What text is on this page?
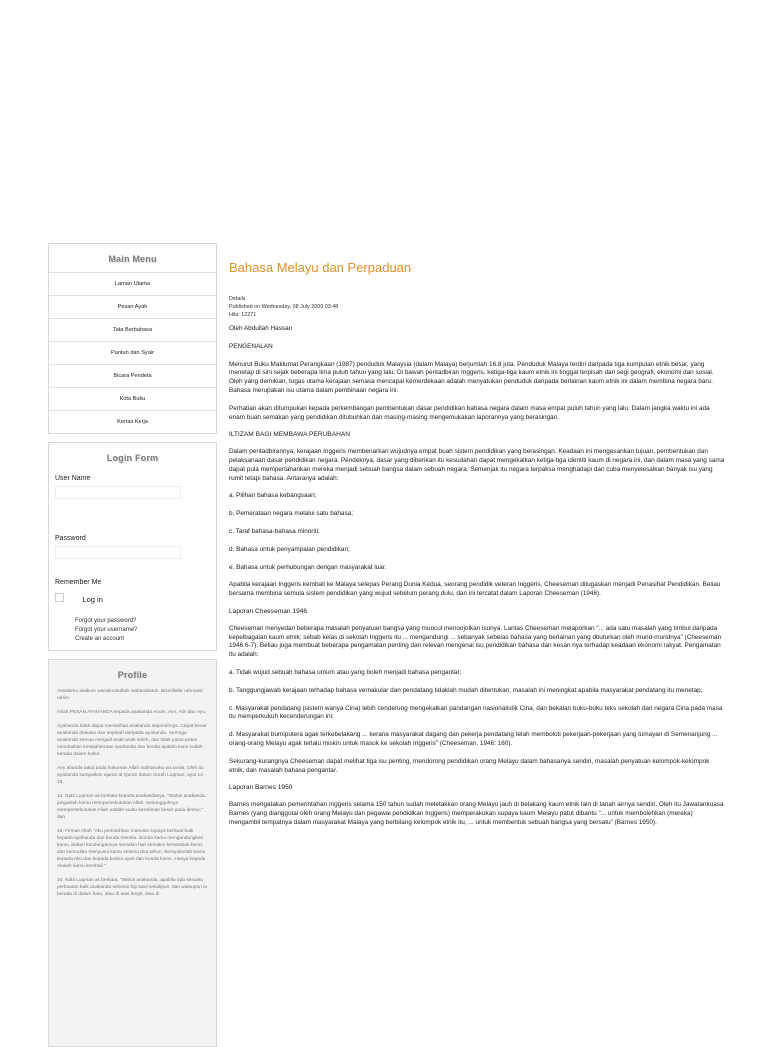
Main Menu
Laman Utama
Pesan Ayah
Tata Berbahasa
Pantun dan Syair
Bicara Pendeta
Kota Buku
Kertas Kerja
Login Form
User Name
Password
Remember Me
Log in
Forgot your password?
Forgot your username?
Create an account
Profile

Assalamu alaikum warahmatullahi wabarakatuh. Bismillahir rahmanir rahim.

Inilah PESAN AYAHANDA kepada anakanda Anom, Aini, Alin dan Ayu.

Ayahanda tidak dapat menasihati anakanda sepenuhnya. Cepat benar anakanda dewasa dan terpisah daripada ayahanda. Semoga anakanda semua menjadi anak-anak soleh, dan tidak putus-putus mendoakan kesejahteraan ayahanda dan bonda apabila kami sudah berada dalam kubur.

Aey ahanda takut pada hukuman Allah subhanahu wa ta'ala. Oleh itu ayahanda sampaikan ajaran al-Quran dalam Surah Luqman, ayat 14 - 19.

14. Nabi Luqman as berkata kepada anakandanya, "Wahai anakanda, janganlah kamu mempersekutukan Allah. Sesungguhnya mempersekutukan Allah adalah suatu kezaliman besar pada dirimu," dan

15. Firman Allah "Aku perintahkan manusia supaya berbuat baik kepada ayahanda dan bonda mereka. Bonda kamu mengandungkan kamu, beban kandungannya semakin hari semakin bertambah berat, dan kemudian menyusui kamu selama dua tahun. Bersyukurlah kamu kepada Aku dan kepada kedua ayah dan bonda kamu. Hanya kepada Akulah kamu kembali."

16. Nabi Luqman as berkata, "Wahai anakanda, apabila ada sesuatu perbuatan baik anakanda sebesar biji sawi sekalipun, dan walaupun ia berada di dalam batu, atau di atas langit, atau di

Bahasa Melayu dan Perpaduan
Details
Published on Wednesday, 08 July 2009 03:48
Hits: 12271

Oleh Abdullah Hassan

PENGENALAN

Menurut Buku Maklumat Perangkaan (1987) penduduk Malaysia (dalam Malaya) berjumlah 16.8 juta. Penduduk Malaya terdiri daripada tiga kumpulan etnik besar, yang menetap di sini sejak beberapa lima puluh tahun yang lalu. Di bawah pentadbiran Inggeris, ketiga-tiga kaum etnik ini tinggal terpisah dari segi geografi, ekonomi dan sosial. Oleh yang demikian, tugas utama kerajaan semasa mencapai kemerdekaan adalah menyatukan penduduk daripada berlainan kaum etnik ini dalam membina negara baru. Bahasa merupakan isu utama dalam pembinaan negara ini.

Perhatian akan ditumpukan kepada perkembangan pembentukan dasar pendidikan bahasa negara dalam masa empat puluh tahun yang lalu. Dalam jangka waktu ini ada enam buah semakan yang pendidikan ditubuhkan dan masing-masing mengemukakan laporannya yang berasingan.

ILTIZAM BAGI MEMBAWA PERUBAHAN

Dalam pentadbirannya, kerajaan Inggeris membenarkan wujudnya empat buah sistem pendidikan yang berasingan. Keadaan ini mengesankan tujuan, pembentukan dan pelaksanaan dasar pendidikan negara. Pendeknya, dasar yang diberikan itu kesudahan dapat mengekalkan ketiga-tiga identiti kaum di negara ini, dan dalam masa yang sama dapat pula mempertahankan mereka menjadi sebuah bangsa dalam sebuah negara. Semenjak itu negara terpaksa menghadapi dan cuba menyelesaikan banyak isu yang rumit tetapi bahasa. Antaranya adalah:

a. Pilihan bahasa kebangsaan;

b. Pemerataan negara melalui satu bahasa;

c. Taraf bahasa-bahasa minoriti;

d. Bahasa untuk penyampaian pendidikan;

e. Bahasa untuk perhubungan dengan masyarakat luar.

Apabila kerajaan Inggeris kembali ke Malaya selepas Perang Dunia Kedua, seorang pendidik veteran Inggeris, Cheeseman ditugaskan menjadi Penasihat Pendidikan. Beliau bersama membina semula sistem pendidikan yang wujud sebelum perang dulu, dan ini tercatat dalam Laporan Cheeseman (1946).

Laporan Cheeseman 1946

Cheeseman menyedari beberapa masalah penyatuan bangsa yang muncul menonjolkan isunya. Lantas Cheeseman melaporkan "... ada satu masalah yang timbul daripada kepelbagaian kaum etnik; sebab kelas di sekolah Inggeris itu ... mengandungi ... sebanyak sebelas bahasa yang berlainan yang dituturkan oleh murid-muridnya" (Cheeseman 1946:6-7). Beliau juga membuat beberapa pengamatan penting dan relevan mengenai isu pendidikan bahasa dan kesan nya terhadap keadaan ekonomi rakyat. Pengamatan itu adalah:

a. Tidak wujud sebuah bahasa umum atau yang boleh menjadi bahasa pengantar;

b. Tanggungjawab kerajaan terhadap bahasa vernakular dan pendatang tidaklah mudah ditentukan; masalah ini meningkat apabila masyarakat pendatang itu menetap;

c. Masyarakat pendatang (sistem wanya Cina) lebih cenderung mengekalkan pandangan nasionalistik Cina, dan bekalan buku-buku teks sekolah dari negara Cina pada masa itu memperkukuh kecenderungan ini;

d. Masyarakat bumiputera agak terkebelakang ... kerana masyarakat dagang dan pekerja pendatang telah memboloti pekerjaan-pekerjaan yang lumayan di Semenanjung ... orang-orang Melayu agak terlalu miskin untuk masuk ke sekolah Inggeris" (Cheeseman, 1946: 160).

Sekurang-kurangnya Cheeseman dapat melihat tiga isu penting, mendorong pendidikan orang Melayu dalam bahasanya sendiri, masalah penyatuan kelompok-kelompok etnik, dan masalah bahasa pengantar.

Laporan Barnes 1950

Barnes mengatakan pemerintahan Inggeris selama 150 tahun sudah meletakkan orang Melayu jauh di belakang kaum etnik lain di tanah airnya sendiri. Oleh itu Jawatankuasa Barnes (yang dianggotai oleh orang Melayu dan pegawai pendidikan Inggeris) memperakukan supaya kaum Melayu patut dibantu "... untuk membolehkan (mereka) mengambil tempatnya dalam masyarakat Malaya yang berbilang kelompok etnik itu, ... untuk membentuk sebuah bangsa yang bersatu" (Barnes 1950).
